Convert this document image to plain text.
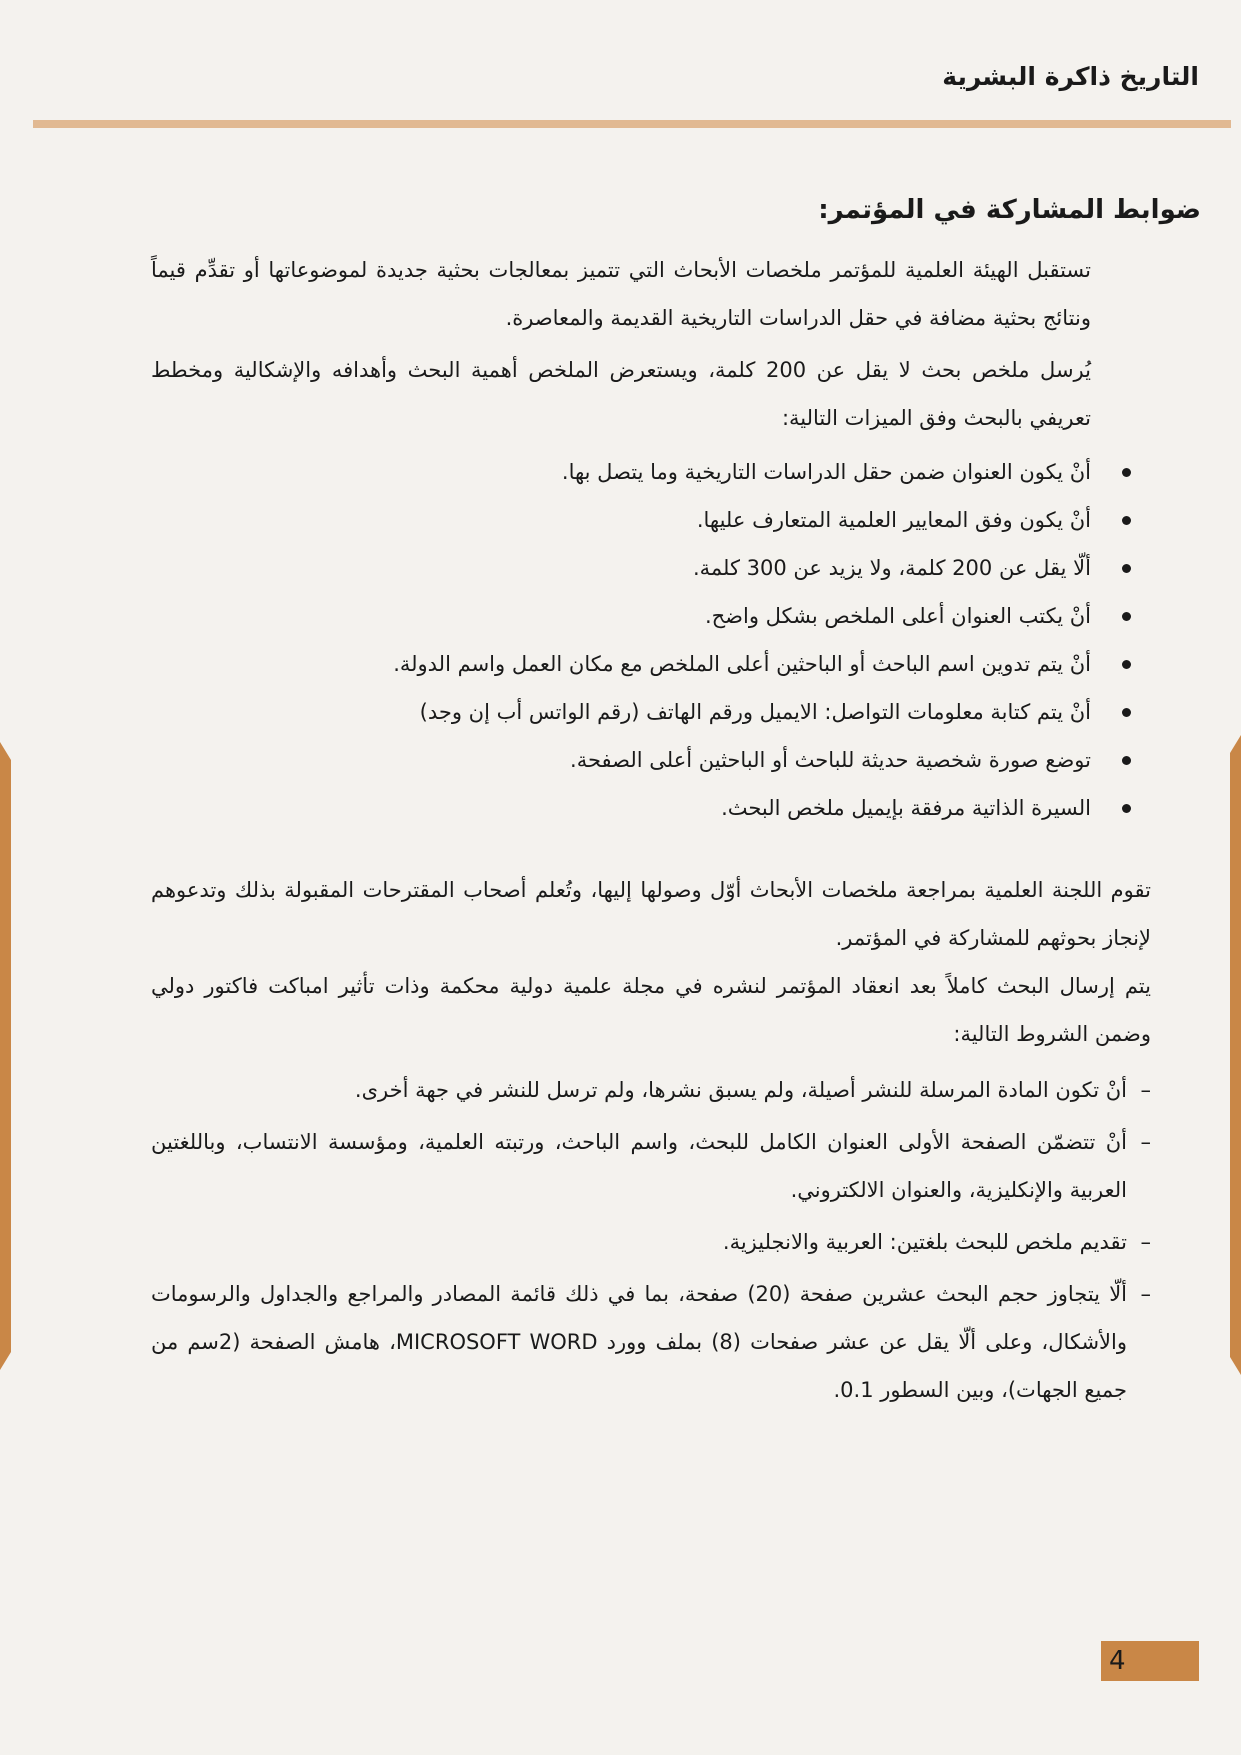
التاريخ ذاكرة البشرية
ضوابط المشاركة في المؤتمر:

تستقبل الهيئة العلمية للمؤتمر ملخصات الأبحاث التي تتميز بمعالجات بحثية جديدة لموضوعاتها أو تقدِّم قيماً ونتائج بحثية مضافة في حقل الدراسات التاريخية القديمة والمعاصرة.

يُرسل ملخص بحث لا يقل عن 200 كلمة، ويستعرض الملخص أهمية البحث وأهدافه والإشكالية ومخطط تعريفي بالبحث وفق الميزات التالية:

أنْ يكون العنوان ضمن حقل الدراسات التاريخية وما يتصل بها.
أنْ يكون وفق المعايير العلمية المتعارف عليها.
ألّا يقل عن 200 كلمة، ولا يزيد عن 300 كلمة.
أنْ يكتب العنوان أعلى الملخص بشكل واضح.
أنْ يتم تدوين اسم الباحث أو الباحثين أعلى الملخص مع مكان العمل واسم الدولة.
أنْ يتم كتابة معلومات التواصل: الايميل ورقم الهاتف (رقم الواتس أب إن وجد)
توضع صورة شخصية حديثة للباحث أو الباحثين أعلى الصفحة.
السيرة الذاتية مرفقة بإيميل ملخص البحث.

تقوم اللجنة العلمية بمراجعة ملخصات الأبحاث أوّل وصولها إليها، وتُعلم أصحاب المقترحات المقبولة بذلك وتدعوهم لإنجاز بحوثهم للمشاركة في المؤتمر.

يتم إرسال البحث كاملاً بعد انعقاد المؤتمر لنشره في مجلة علمية دولية محكمة وذات تأثير امباكت فاكتور دولي وضمن الشروط التالية:

–
أنْ تكون المادة المرسلة للنشر أصيلة، ولم يسبق نشرها، ولم ترسل للنشر في جهة أخرى.
–
أنْ تتضمّن الصفحة الأولى العنوان الكامل للبحث، واسم الباحث، ورتبته العلمية، ومؤسسة الانتساب، وباللغتين العربية والإنكليزية، والعنوان الالكتروني.
–
تقديم ملخص للبحث بلغتين: العربية والانجليزية.
–
ألّا يتجاوز حجم البحث عشرين صفحة (20) صفحة، بما في ذلك قائمة المصادر والمراجع والجداول والرسومات والأشكال، وعلى ألّا يقل عن عشر صفحات (8) بملف وورد MICROSOFT WORD، هامش الصفحة (2سم من جميع الجهات)، وبين السطور 0.1.
4
